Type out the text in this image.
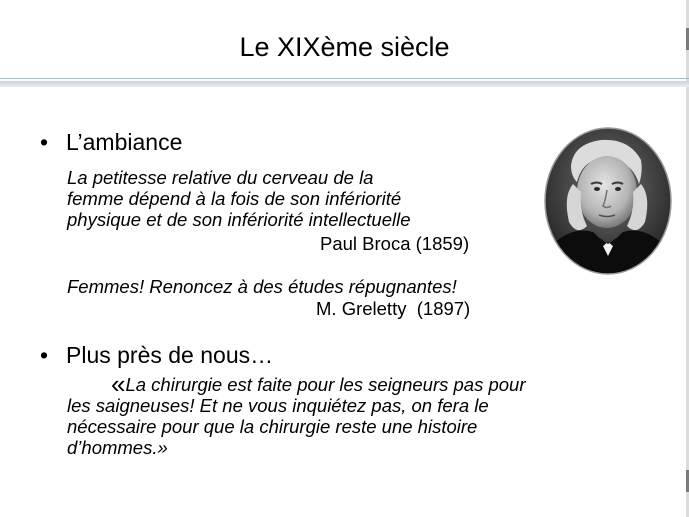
Le XIXème siècle
• L’ambiance
La petitesse relative du cerveau de la
femme dépend à la fois de son infériorité
physique et de son infériorité intellectuelle
Paul Broca (1859)
Femmes! Renoncez à des études répugnantes!
M. Greletty  (1897)
• Plus près de nous…
«La chirurgie est faite pour les seigneurs pas pour
les saigneuses! Et ne vous inquiétez pas, on fera le
nécessaire pour que la chirurgie reste une histoire
d’hommes.»
